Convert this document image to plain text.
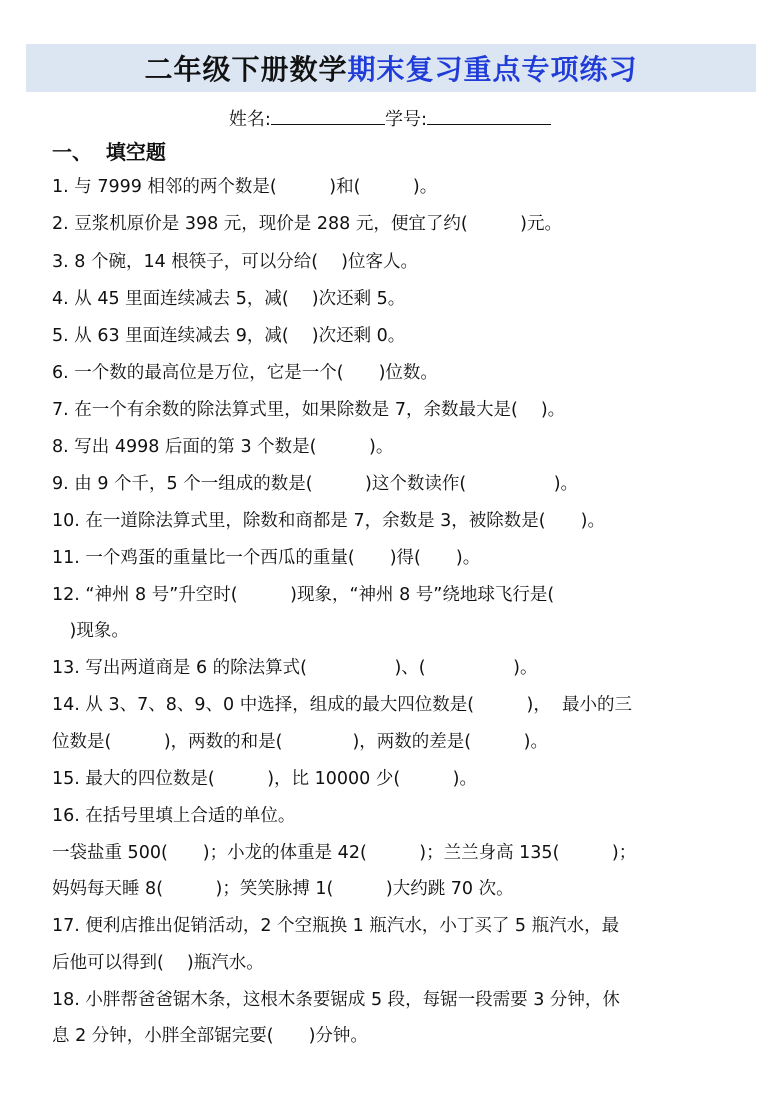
二年级下册数学 期末复习重点专项练习
姓名:	学号:
一、  填空题
1. 与 7999 相邻的两个数是(　　　)和(　　　)。
2. 豆浆机原价是 398 元，现价是 288 元，便宜了约(　　　)元。
3. 8 个碗，14 根筷子，可以分给(　 )位客人。
4. 从 45 里面连续减去 5，减(　 )次还剩 5。
5. 从 63 里面连续减去 9，减(　 )次还剩 0。
6. 一个数的最高位是万位，它是一个(　　)位数。
7. 在一个有余数的除法算式里，如果除数是 7，余数最大是(　 )。
8. 写出 4998 后面的第 3 个数是(　　　)。
9. 由 9 个千，5 个一组成的数是(　　　)这个数读作(　　　　　)。
10. 在一道除法算式里，除数和商都是 7，余数是 3，被除数是(　　)。
11. 一个鸡蛋的重量比一个西瓜的重量(　　)得(　　)。
12. “神州 8 号”升空时(　　　)现象，“神州 8 号”绕地球飞行是(
　)现象。
13. 写出两道商是 6 的除法算式(　　　　　)、(　　　　　)。
14. 从 3、7、8、9、0 中选择，组成的最大四位数是(　　　)，  最小的三
位数是(　　　)，两数的和是(　　　　)，两数的差是(　　　)。
15. 最大的四位数是(　　　)，比 10000 少(　　　)。
16. 在括号里填上合适的单位。
一袋盐重 500(　　)；小龙的体重是 42(　　　)；兰兰身高 135(　　　)；
妈妈每天睡 8(　　　)；笑笑脉搏 1(　　　)大约跳 70 次。
17. 便利店推出促销活动，2 个空瓶换 1 瓶汽水，小丁买了 5 瓶汽水，最
后他可以得到(　 )瓶汽水。
18. 小胖帮爸爸锯木条，这根木条要锯成 5 段，每锯一段需要 3 分钟，休
息 2 分钟，小胖全部锯完要(　　)分钟。
